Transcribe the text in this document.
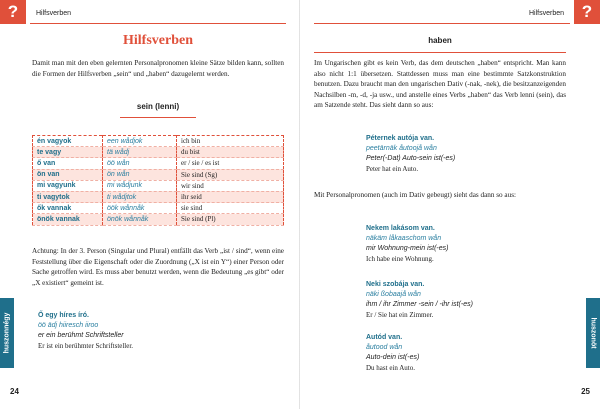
?	Hilfsverben
Hilfsverben
Damit man mit den eben gelernten Personalpronomen kleine Sätze bilden kann, sollten die Formen der Hilfsverben „sein“ und „haben“ dazugelernt werden.
sein (lenni)
én vagyok	een wådjok	ich bin
te vagy	tä wådj	du bist
ő van	öö wån	er / sie / es ist
ön van	ön wån	Sie sind (Sg)
mi vagyunk	mi wådjunk	wir sind
ti vagytok	ti wådjtok	ihr seid
ők vannak	öök wånnåk	sie sind
önök vannak	önök wånnåk	Sie sind (Pl)
Achtung: In der 3. Person (Singular und Plural) entfällt das Verb „ist / sind“, wenn eine Feststellung über die Eigenschaft oder die Zuordnung („X ist ein Y“) einer Person oder Sache getroffen wird. Es muss aber benutzt werden, wenn die Bedeutung „es gibt“ oder „X existiert“ gemeint ist.
Ő egy híres író.
öö ädj hiiresch iiroo
er ein berühmt Schriftsteller
Er ist ein berühmter Schriftsteller.
huszonnégy
24
?
Hilfsverben
haben
Im Ungarischen gibt es kein Verb, das dem deutschen „haben“ entspricht. Man kann also nicht 1:1 übersetzen. Stattdessen muss man eine bestimmte Satzkonstruktion benutzen. Dazu braucht man den ungarischen Dativ (-nak, -nek), die besitzanzeigenden Nachsilben -m, -d, -ja usw., und anstelle eines Verbs „haben“ das Verb lenni (sein), das am Satzende steht. Das sieht dann so aus:
Péternek autója van.
peetärnäk åutoojå wån
Peter(-Dat) Auto-sein ist(-es)
Peter hat ein Auto.
Mit Personalpronomen (auch im Dativ gebeugt) sieht das dann so aus:
Nekem lakásom van.
näkäm låkaaschom wån
mir Wohnung-mein ist(-es)
Ich habe eine Wohnung.
Neki szobája van.
näki ßobaajå wån
ihm / ihr Zimmer -sein / -ihr ist(-es)
Er / Sie hat ein Zimmer.
Autód van.
åutood wån
Auto-dein ist(-es)
Du hast ein Auto.
huszonöt
25
